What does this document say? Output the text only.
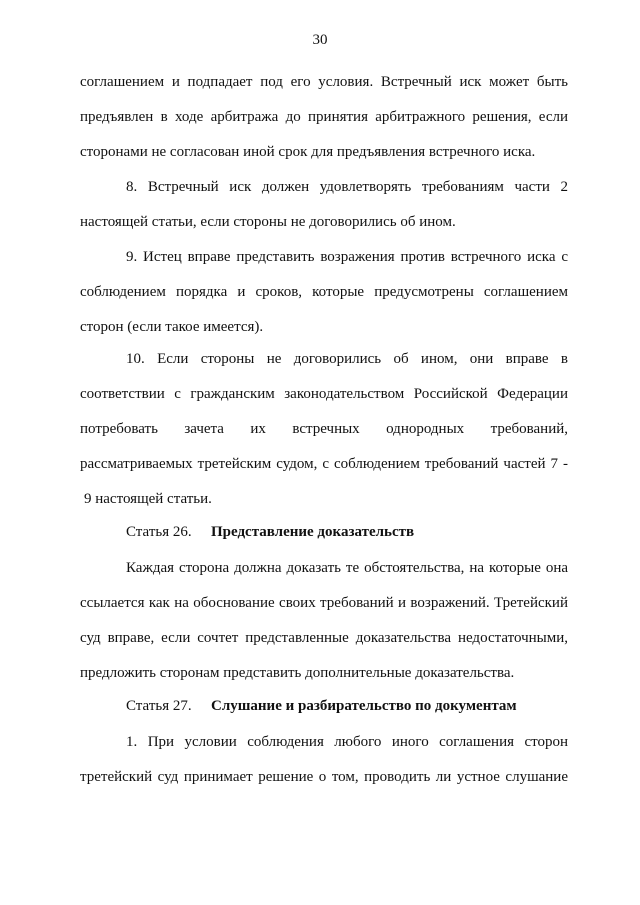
30
соглашением и подпадает под его условия. Встречный иск может быть
предъявлен в ходе арбитража до принятия арбитражного решения, если
сторонами не согласован иной срок для предъявления встречного иска.
8. Встречный иск должен удовлетворять требованиям части 2
настоящей статьи, если стороны не договорились об ином.
9. Истец вправе представить возражения против встречного иска с
соблюдением порядка и сроков, которые предусмотрены соглашением
сторон (если такое имеется).
10. Если стороны не договорились об ином, они вправе в
соответствии с гражданским законодательством Российской Федерации
потребовать зачета их встречных однородных требований,
рассматриваемых третейским судом, с соблюдением требований частей 7 -
9 настоящей статьи.
Статья 26. Представление доказательств
Каждая сторона должна доказать те обстоятельства, на которые она
ссылается как на обоснование своих требований и возражений. Третейский
суд вправе, если сочтет представленные доказательства недостаточными,
предложить сторонам представить дополнительные доказательства.
Статья 27. Слушание и разбирательство по документам
1. При условии соблюдения любого иного соглашения сторон
третейский суд принимает решение о том, проводить ли устное слушание
